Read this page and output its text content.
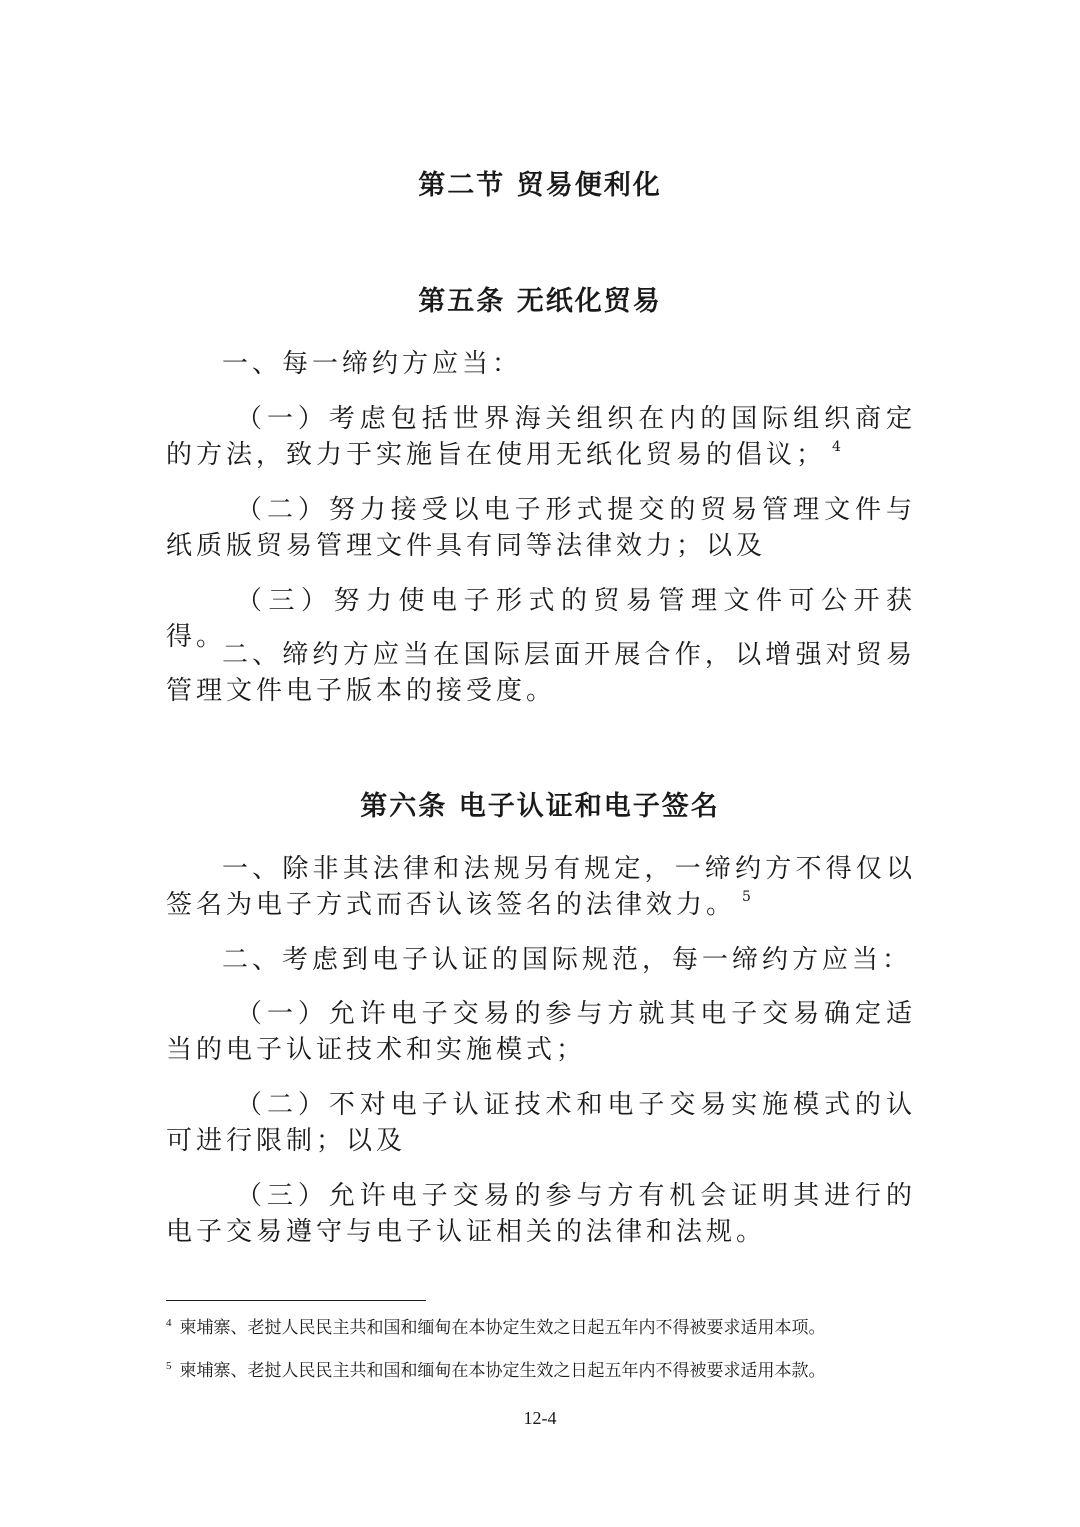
第二节 贸易便利化
第五条 无纸化贸易
一、每一缔约方应当：
（一）考虑包括世界海关组织在内的国际组织商定的方法，致力于实施旨在使用无纸化贸易的倡议； $^4$
（二）努力接受以电子形式提交的贸易管理文件与纸质版贸易管理文件具有同等法律效力；以及
（三）努力使电子形式的贸易管理文件可公开获得。
二、缔约方应当在国际层面开展合作，以增强对贸易管理文件电子版本的接受度。
第六条 电子认证和电子签名
一、除非其法律和法规另有规定，一缔约方不得仅以签名为电子方式而否认该签名的法律效力。 $^5$
二、考虑到电子认证的国际规范，每一缔约方应当：
（一）允许电子交易的参与方就其电子交易确定适当的电子认证技术和实施模式；
（二）不对电子认证技术和电子交易实施模式的认可进行限制；以及
（三）允许电子交易的参与方有机会证明其进行的电子交易遵守与电子认证相关的法律和法规。
$^4$ 柬埔寨、老挝人民民主共和国和缅甸在本协定生效之日起五年内不得被要求适用本项。
$^5$ 柬埔寨、老挝人民民主共和国和缅甸在本协定生效之日起五年内不得被要求适用本款。
12-4
